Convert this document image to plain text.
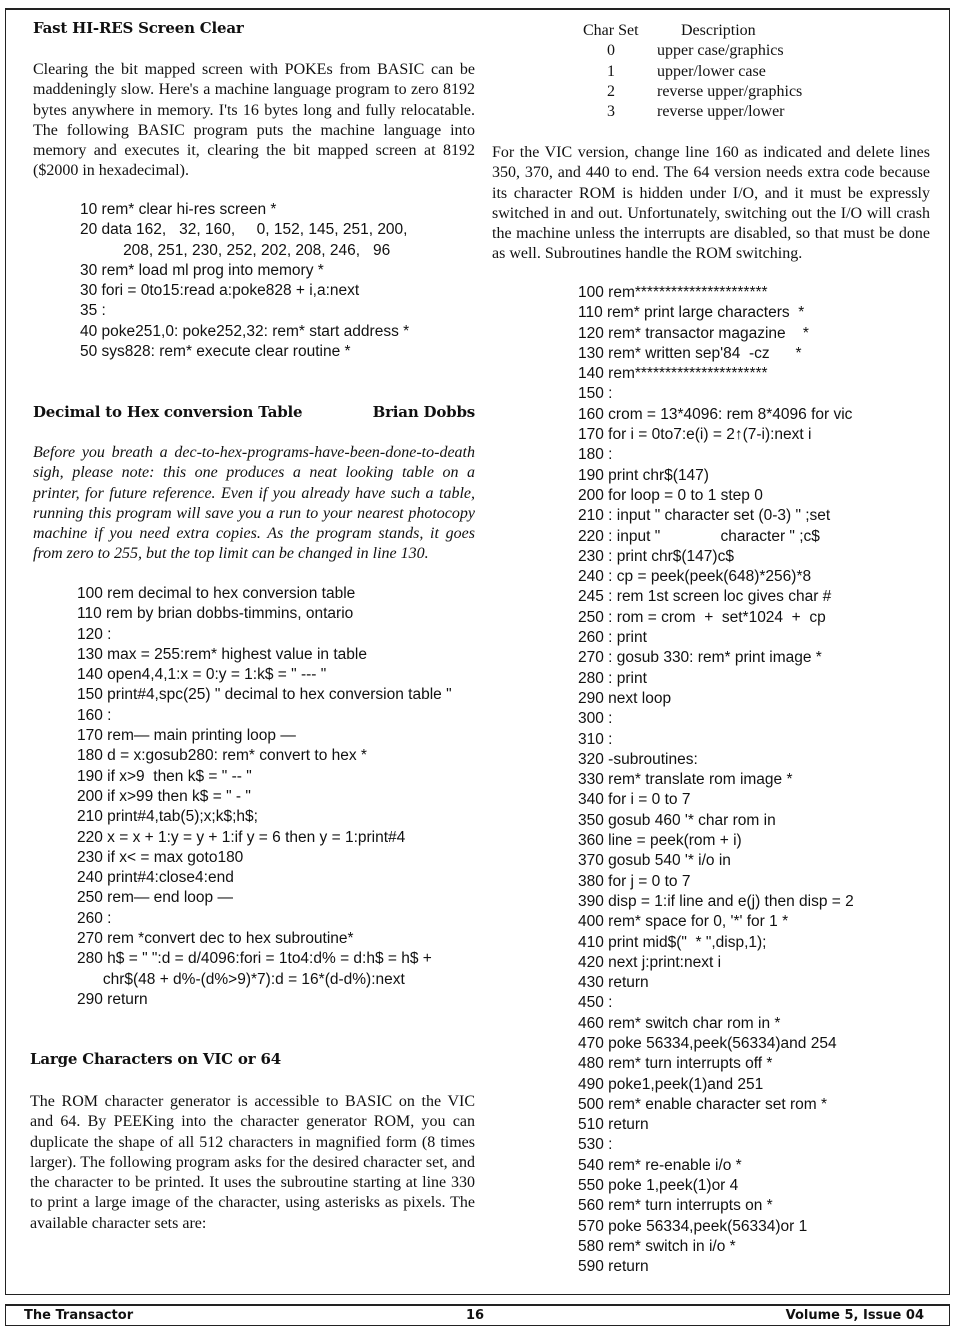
Fast HI-RES Screen Clear

Clearing the bit mapped screen with POKEs from BASIC can be maddeningly slow. Here's a machine language program to zero 8192 bytes anywhere in memory. I'ts 16 bytes long and fully relocatable. The following BASIC program puts the machine language into memory and executes it, clearing the bit mapped screen at 8192 ($2000 in hexadecimal).

10 rem* clear hi-res screen *
20 data 162,   32, 160,     0, 152, 145, 251, 200,
208, 251, 230, 252, 202, 208, 246,   96
30 rem* load ml prog into memory *
30 fori = 0to15:read a:poke828 + i,a:next
35 :
40 poke251,0: poke252,32: rem* start address *
50 sys828: rem* execute clear routine *
Decimal to Hex conversion Table	Brian Dobbs

Before you breath a dec-to-hex-programs-have-been-done-to-death sigh, please note: this one produces a neat looking table on a printer, for future reference. Even if you already have such a table, running this program will save you a run to your nearest photocopy machine if you need extra copies. As the program stands, it goes from zero to 255, but the top limit can be changed in line 130.

100 rem decimal to hex conversion table
110 rem by brian dobbs-timmins, ontario
120 :
130 max = 255:rem* highest value in table
140 open4,4,1:x = 0:y = 1:k$ = " --- "
150 print#4,spc(25) " decimal to hex conversion table "
160 :
170 rem— main printing loop —
180 d = x:gosub280: rem* convert to hex *
190 if x>9  then k$ = " -- "
200 if x>99 then k$ = " - "
210 print#4,tab(5);x;k$;h$;
220 x = x + 1:y = y + 1:if y = 6 then y = 1:print#4
230 if x< = max goto180
240 print#4:close4:end
250 rem— end loop —
260 :
270 rem *convert dec to hex subroutine*
280 h$ = " ":d = d/4096:fori = 1to4:d% = d:h$ = h$ +
chr$(48 + d%-(d%>9)*7):d = 16*(d-d%):next
290 return
Large Characters on VIC or 64

The ROM character generator is accessible to BASIC on the VIC and 64. By PEEKing into the character generator ROM, you can duplicate the shape of all 512 characters in magnified form (8 times larger). The following program asks for the desired character set, and the character to be printed. It uses the subroutine starting at line 330 to print a large image of the character, using asterisks as pixels. The available character sets are:

Char Set	Description
0	upper case/graphics
1	upper/lower case
2	reverse upper/graphics
3	reverse upper/lower

For the VIC version, change line 160 as indicated and delete lines 350, 370, and 440 to end. The 64 version needs extra code because its character ROM is hidden under I/O, and it must be expressly switched in and out. Unfortunately, switching out the I/O will crash the machine unless the interrupts are disabled, so that must be done as well. Subroutines handle the ROM switching.

100 rem**********************
110 rem* print large characters  *
120 rem* transactor magazine    *
130 rem* written sep'84  -cz      *
140 rem**********************
150 :
160 crom = 13*4096: rem 8*4096 for vic
170 for i = 0to7:e(i) = 2↑(7-i):next i
180 :
190 print chr$(147)
200 for loop = 0 to 1 step 0
210 : input " character set (0-3) " ;set
220 : input "              character " ;c$
230 : print chr$(147)c$
240 : cp = peek(peek(648)*256)*8
245 : rem 1st screen loc gives char #
250 : rom = crom  +  set*1024  +  cp
260 : print
270 : gosub 330: rem* print image *
280 : print
290 next loop
300 :
310 :
320 -subroutines:
330 rem* translate rom image *
340 for i = 0 to 7
350 gosub 460 '* char rom in
360 line = peek(rom + i)
370 gosub 540 '* i/o in
380 for j = 0 to 7
390 disp = 1:if line and e(j) then disp = 2
400 rem* space for 0, '*' for 1 *
410 print mid$("  * ",disp,1);
420 next j:print:next i
430 return
450 :
460 rem* switch char rom in *
470 poke 56334,peek(56334)and 254
480 rem* turn interrupts off *
490 poke1,peek(1)and 251
500 rem* enable character set rom *
510 return
530 :
540 rem* re-enable i/o *
550 poke 1,peek(1)or 4
560 rem* turn interrupts on *
570 poke 56334,peek(56334)or 1
580 rem* switch in i/o *
590 return
The Transactor	16	Volume 5, Issue 04
